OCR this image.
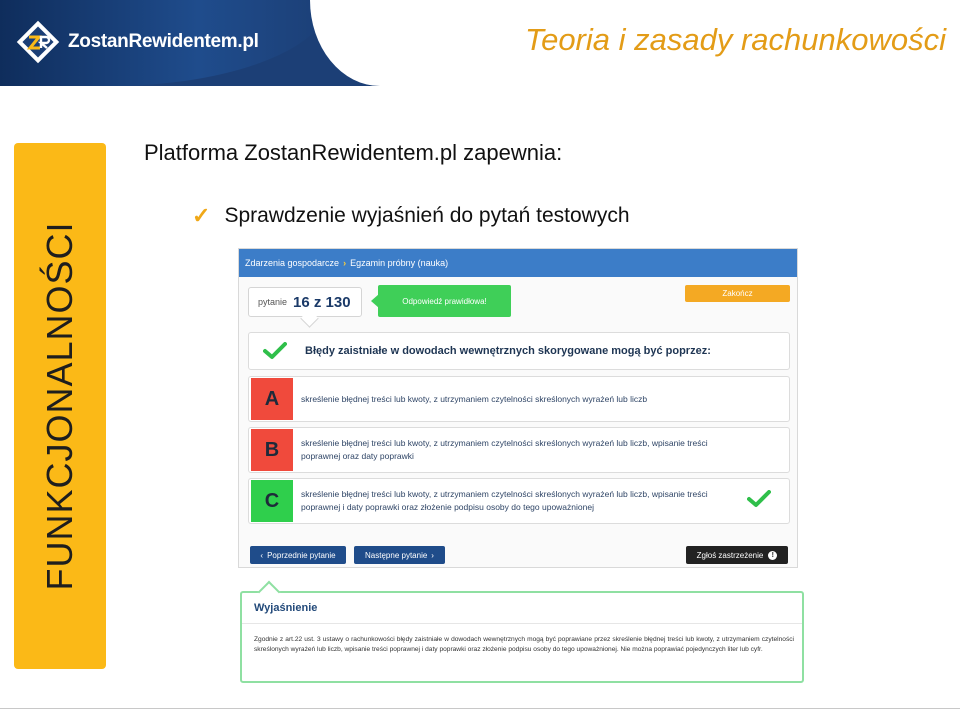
ZostanRewidentem.pl	Teoria i zasady rachunkowości
FUNKCJONALNOŚCI
Platforma ZostanRewidentem.pl zapewnia:
✓ Sprawdzenie wyjaśnień do pytań testowych
Zdarzenia gospodarcze › Egzamin próbny (nauka)
pytanie 16 z 130	Odpowiedź prawidłowa!
Zakończ
Błędy zaistniałe w dowodach wewnętrznych skorygowane mogą być poprzez:
A	skreślenie błędnej treści lub kwoty, z utrzymaniem czytelności skreślonych wyrażeń lub liczb
B	skreślenie błędnej treści lub kwoty, z utrzymaniem czytelności skreślonych wyrażeń lub liczb, wpisanie treści poprawnej oraz daty poprawki
C	skreślenie błędnej treści lub kwoty, z utrzymaniem czytelności skreślonych wyrażeń lub liczb, wpisanie treści poprawnej i daty poprawki oraz złożenie podpisu osoby do tego upoważnionej
‹ Poprzednie pytanie	Następne pytanie ›	Zgłoś zastrzeżenie	!
Wyjaśnienie
Zgodnie z art.22 ust. 3 ustawy o rachunkowości błędy zaistniałe w dowodach wewnętrznych mogą być poprawiane przez skreślenie błędnej treści lub kwoty, z utrzymaniem czytelności skreślonych wyrażeń lub liczb, wpisanie treści poprawnej i daty poprawki oraz złożenie podpisu osoby do tego upoważnionej. Nie można poprawiać pojedynczych liter lub cyfr.
